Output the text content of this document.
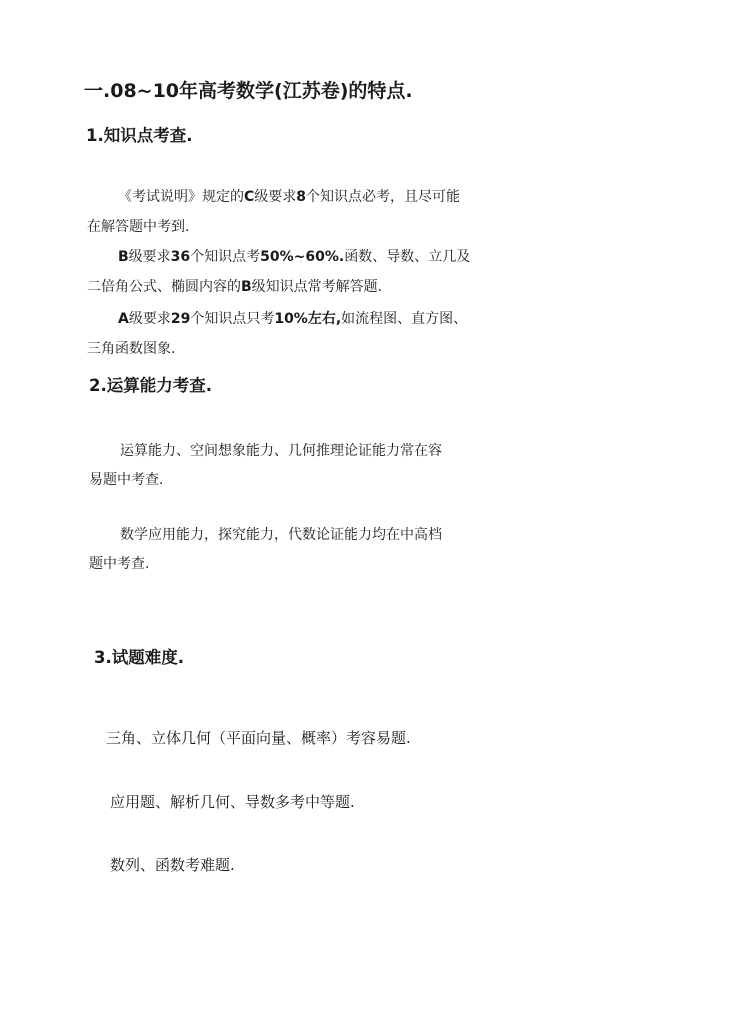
一.08~10年高考数学(江苏卷)的特点.
1.知识点考查.
《考试说明》规定的C级要求8个知识点必考，且尽可能
在解答题中考到.
B级要求36个知识点考50%~60%.函数、导数、立几及
二倍角公式、椭圆内容的B级知识点常考解答题.
A级要求29个知识点只考10%左右,如流程图、直方图、
三角函数图象.
2.运算能力考查.
运算能力、空间想象能力、几何推理论证能力常在容
易题中考查.
数学应用能力，探究能力，代数论证能力均在中高档
题中考查.
3.试题难度.
三角、立体几何（平面向量、概率）考容易题.
应用题、解析几何、导数多考中等题.
数列、函数考难题.
